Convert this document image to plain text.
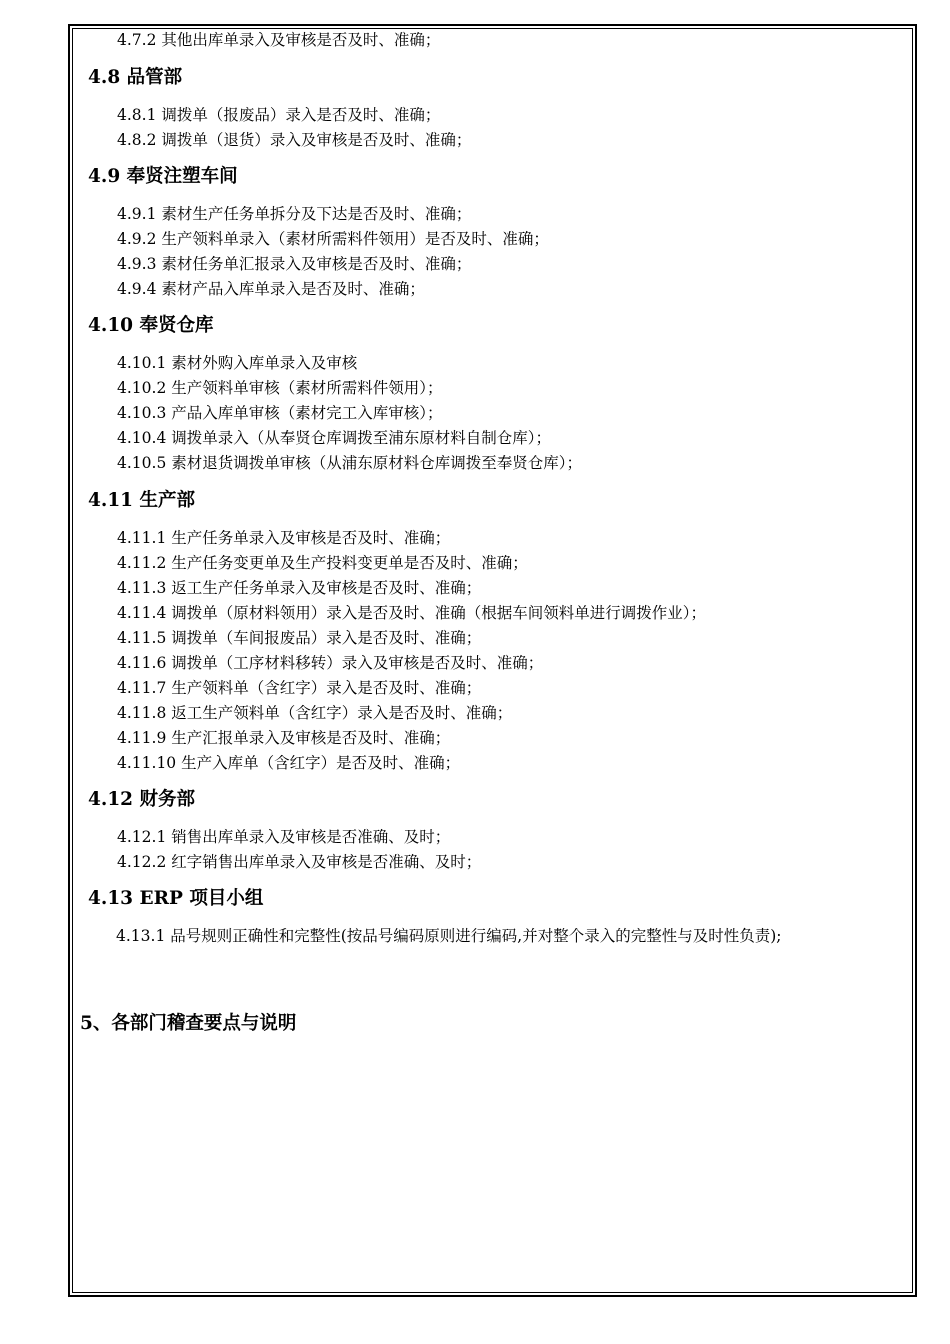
4.7.2 其他出库单录入及审核是否及时、准确；
4.8 品管部
4.8.1 调拨单（报废品）录入是否及时、准确；
4.8.2 调拨单（退货）录入及审核是否及时、准确；
4.9 奉贤注塑车间
4.9.1 素材生产任务单拆分及下达是否及时、准确；
4.9.2 生产领料单录入（素材所需料件领用）是否及时、准确；
4.9.3 素材任务单汇报录入及审核是否及时、准确；
4.9.4 素材产品入库单录入是否及时、准确；
4.10 奉贤仓库
4.10.1 素材外购入库单录入及审核
4.10.2 生产领料单审核（素材所需料件领用）；
4.10.3 产品入库单审核（素材完工入库审核）；
4.10.4 调拨单录入（从奉贤仓库调拨至浦东原材料自制仓库）；
4.10.5 素材退货调拨单审核（从浦东原材料仓库调拨至奉贤仓库）；
4.11 生产部
4.11.1 生产任务单录入及审核是否及时、准确；
4.11.2 生产任务变更单及生产投料变更单是否及时、准确；
4.11.3 返工生产任务单录入及审核是否及时、准确；
4.11.4 调拨单（原材料领用）录入是否及时、准确（根据车间领料单进行调拨作业）；
4.11.5 调拨单（车间报废品）录入是否及时、准确；
4.11.6 调拨单（工序材料移转）录入及审核是否及时、准确；
4.11.7 生产领料单（含红字）录入是否及时、准确；
4.11.8 返工生产领料单（含红字）录入是否及时、准确；
4.11.9 生产汇报单录入及审核是否及时、准确；
4.11.10 生产入库单（含红字）是否及时、准确；
4.12 财务部
4.12.1 销售出库单录入及审核是否准确、及时；
4.12.2 红字销售出库单录入及审核是否准确、及时；
4.13 ERP 项目小组
4.13.1 品号规则正确性和完整性(按品号编码原则进行编码,并对整个录入的完整性与及时性负责);
5、各部门稽查要点与说明
